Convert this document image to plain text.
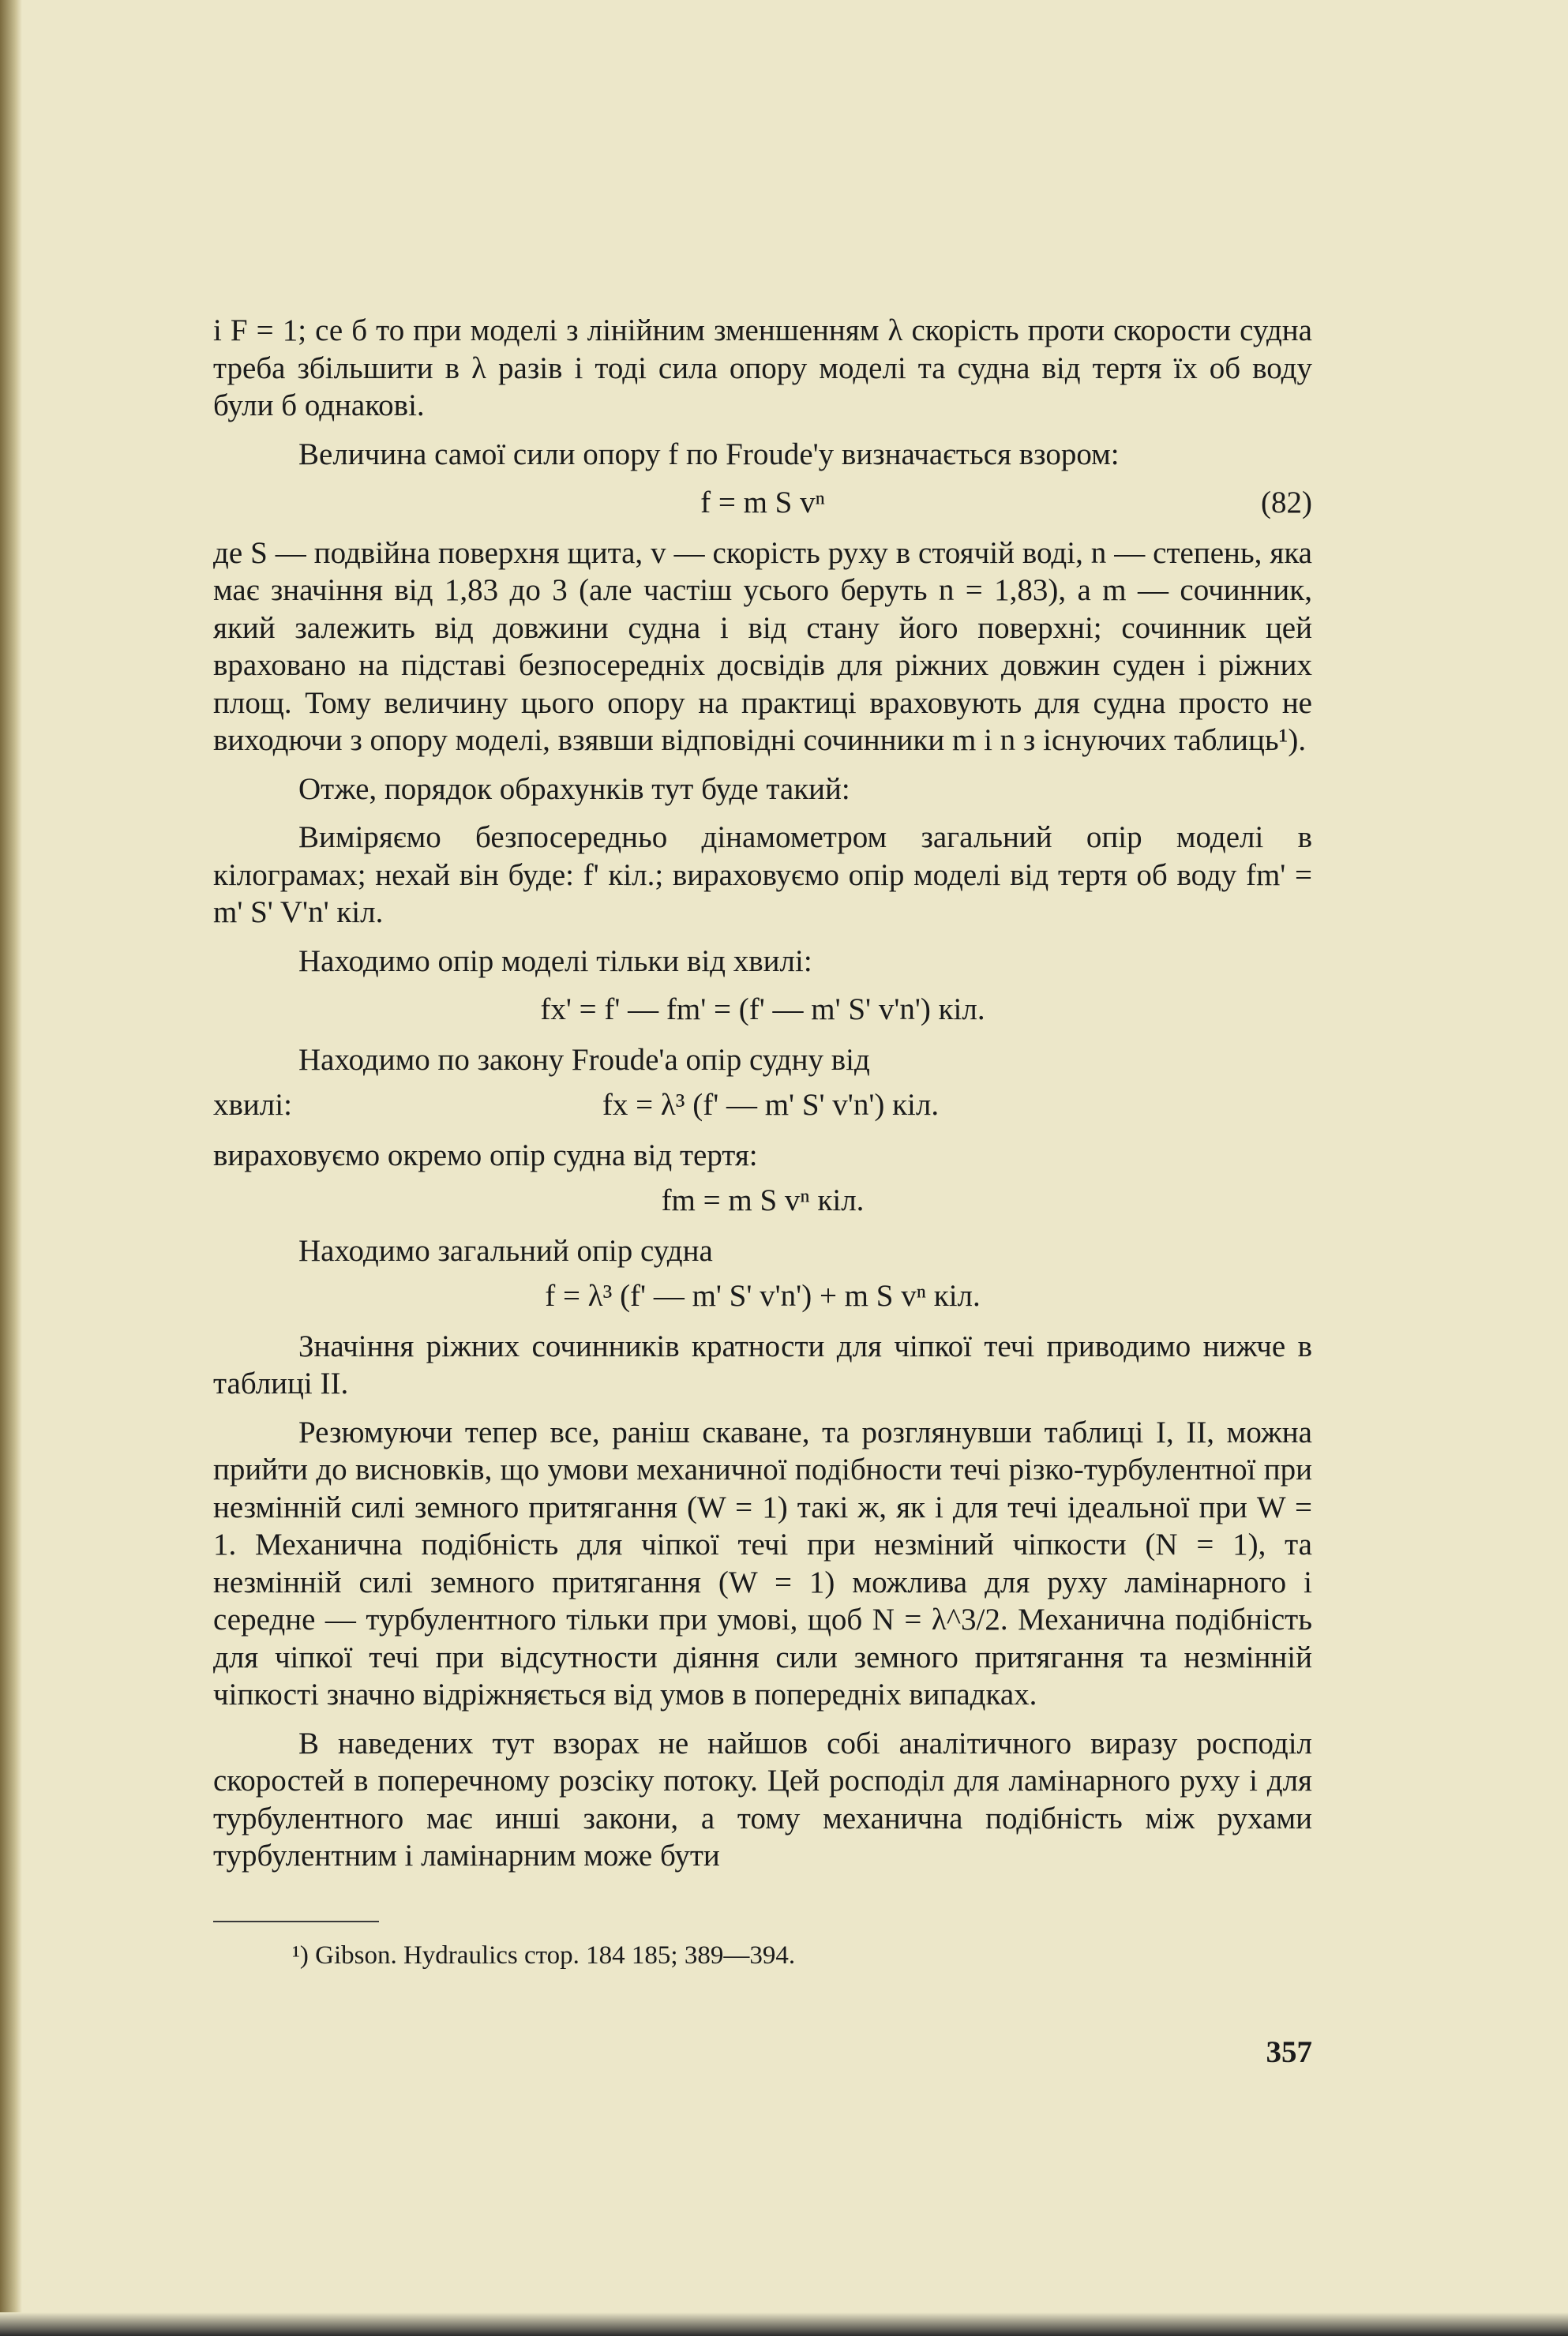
і F = 1; се б то при моделі з лінійним зменшенням λ скорість проти скорости судна треба збільшити в λ разів і тоді сила опору моделі та судна від тертя їх об воду були б однакові.

Величина самої сили опору f по Froude'у визначається взором:

f = m S vⁿ	(82)

де S — подвійна поверхня щита, v — скорість руху в стоячій воді, n — степень, яка має значіння від 1,83 до 3 (але частіш усього беруть n = 1,83), а m — сочинник, який залежить від довжини судна і від стану його поверхні; сочинник цей враховано на підставі безпосередніх досвідів для ріжних довжин суден і ріжних площ. Тому величину цього опору на практиці враховують для судна просто не виходючи з опору моделі, взявши відповідні сочинники m і n з існуючих таблиць¹).

Отже, порядок обрахунків тут буде такий:

Виміряємо безпосередньо дінамометром загальний опір моделі в кілограмах; нехай він буде: f' кіл.; вираховуємо опір моделі від тертя об воду fm' = m' S' V'n' кіл.

Находимо опір моделі тільки від хвилі:

fx' = f' — fm' = (f' — m' S' v'n') кіл.

Находимо по закону Froude'a опір судну від

хвилі:	fx = λ³ (f' — m' S' v'n') кіл.

вираховуємо окремо опір судна від тертя:

fm = m S vⁿ кіл.

Находимо загальний опір судна

f = λ³ (f' — m' S' v'n') + m S vⁿ кіл.

Значіння ріжних сочинників кратности для чіпкої течі приводимо нижче в таблиці II.

Резюмуючи тепер все, раніш скаване, та розглянувши таблиці I, II, можна прийти до висновків, що умови механичної подібности течі різко-турбулентної при незмінній силі земного притягання (W = 1) такі ж, як і для течі ідеальної при W = 1. Механична подібність для чіпкої течі при незміний чіпкости (N = 1), та незмінній силі земного притягання (W = 1) можлива для руху ламінарного і середне — турбулентного тільки при умові, щоб N = λ^3/2. Механична подібність для чіпкої течі при відсутности діяння сили земного притягання та незмінній чіпкості значно відріжняється від умов в попередніх випадках.

В наведених тут взорах не найшов собі аналітичного виразу росподіл скоростей в поперечному розсіку потоку. Цей росподіл для ламінарного руху і для турбулентного має инші закони, а тому механична подібність між рухами турбулентним і ламінарним може бути

¹) Gibson. Hydraulics стор. 184 185; 389—394.
357
